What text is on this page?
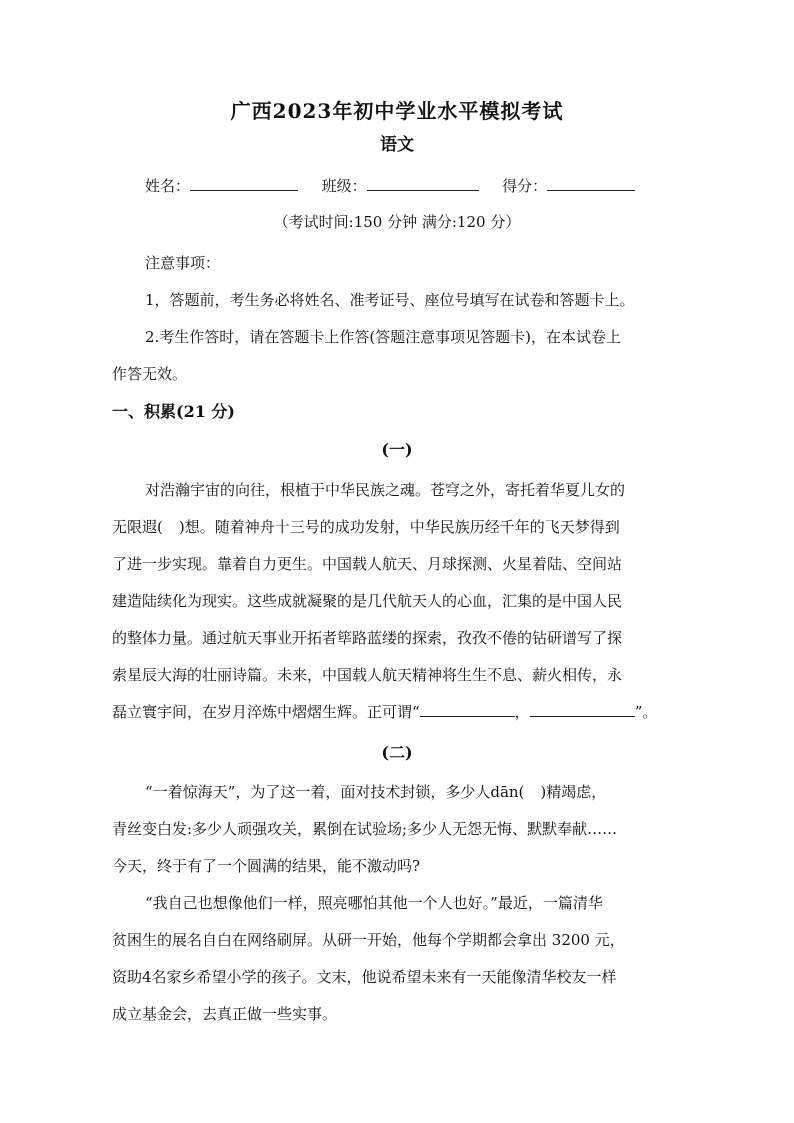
广西2023年初中学业水平模拟考试
语文
姓名：	班级：	得分：
（考试时间:150 分钟 满分:120 分）
注意事项：
1，答题前，考生务必将姓名、准考证号、座位号填写在试卷和答题卡上。
2.考生作答时，请在答题卡上作答(答题注意事项见答题卡)，在本试卷上
作答无效。
一、积累(21 分)
(一)
对浩瀚宇宙的向往，根植于中华民族之魂。苍穹之外，寄托着华夏儿女的
无限遐( )想。随着神舟十三号的成功发射，中华民族历经千年的飞天梦得到
了进一步实现。靠着自力更生。中国载人航天、月球探测、火星着陆、空间站
建造陆续化为现实。这些成就凝聚的是几代航天人的心血，汇集的是中国人民
的整体力量。通过航天事业开拓者筚路蓝缕的探索，孜孜不倦的钻研谱写了探
索星辰大海的壮丽诗篇。未来，中国载人航天精神将生生不息、薪火相传，永
磊立寰宇间，在岁月淬炼中熠熠生辉。正可谓“	，	”。
(二)
“一着惊海天”，为了这一着，面对技术封锁，多少人dān( )精竭虑，
青丝变白发:多少人顽强攻关，累倒在试验场;多少人无怨无悔、默默奉献……
今天，终于有了一个圆满的结果，能不激动吗?
“我自己也想像他们一样，照亮哪怕其他一个人也好。”最近，一篇清华
贫困生的展名自白在网络刷屏。从研一开始，他每个学期都会拿出 3200 元，
资助4名家乡希望小学的孩子。文末，他说希望未来有一天能像清华校友一样
成立基金会，去真正做一些实事。
